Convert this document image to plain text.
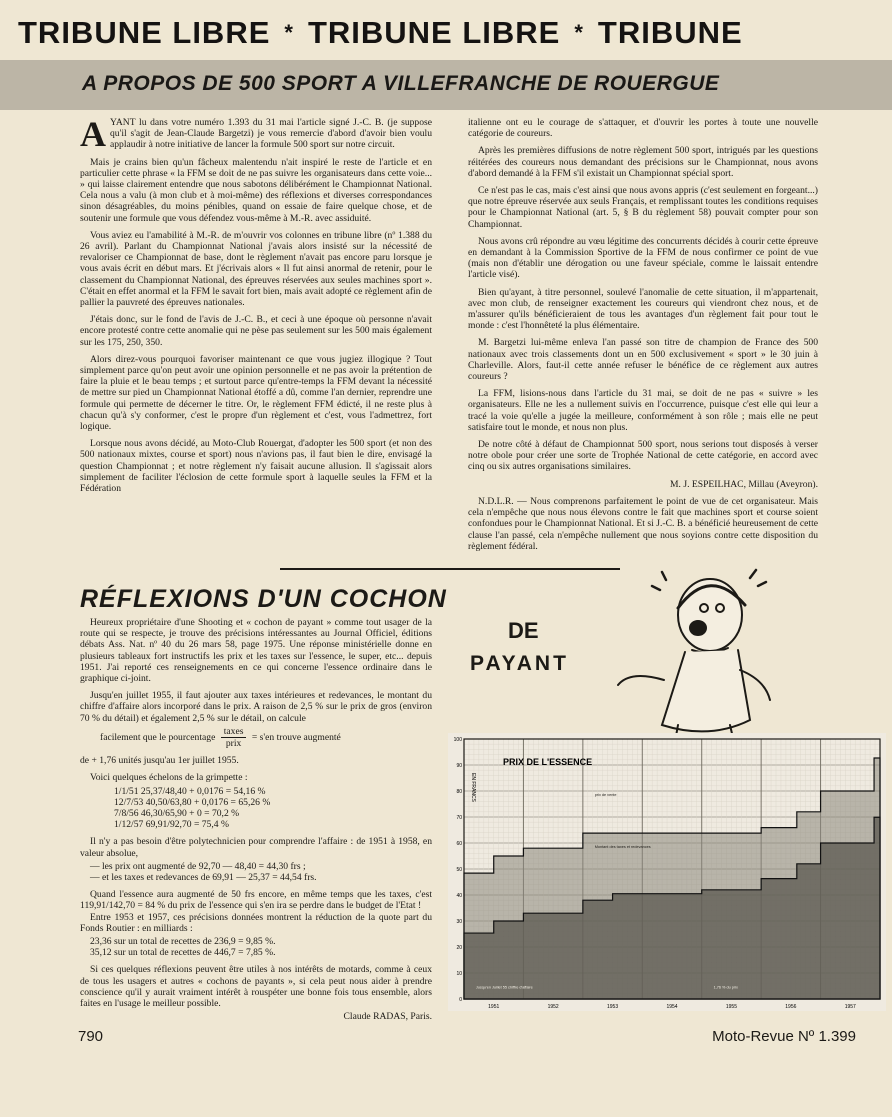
TRIBUNE LIBRE * TRIBUNE LIBRE * TRIBUNE
A PROPOS DE 500 SPORT A VILLEFRANCHE DE ROUERGUE

AYANT lu dans votre numéro 1.393 du 31 mai l'article signé J.-C. B. (je suppose qu'il s'agit de Jean-Claude Bargetzi) je vous remercie d'abord d'avoir bien voulu applaudir à notre initiative de lancer la formule 500 sport sur notre circuit.

Mais je crains bien qu'un fâcheux malentendu n'ait inspiré le reste de l'article et en particulier cette phrase « la FFM se doit de ne pas suivre les organisateurs dans cette voie... » qui laisse clairement entendre que nous sabotons délibérément le Championnat National. Cela nous a valu (à mon club et à moi-même) des réflexions et diverses correspondances sinon désagréables, du moins pénibles, quand on essaie de faire quelque chose, et de soutenir une formule que vous défendez vous-même à M.-R. avec assiduité.

Vous aviez eu l'amabilité à M.-R. de m'ouvrir vos colonnes en tribune libre (nº 1.388 du 26 avril). Parlant du Championnat National j'avais alors insisté sur la nécessité de revaloriser ce Championnat de base, dont le règlement n'avait pas encore paru lorsque je vous avais écrit en début mars. Et j'écrivais alors « Il fut ainsi anormal de retenir, pour le classement du Championnat National, des épreuves réservées aux seules machines sport ». C'était en effet anormal et la FFM le savait fort bien, mais avait adopté ce règlement afin de pallier la pauvreté des épreuves nationales.

J'étais donc, sur le fond de l'avis de J.-C. B., et ceci à une époque où personne n'avait encore protesté contre cette anomalie qui ne pèse pas seulement sur les 500 mais également sur les 175, 250, 350.

Alors direz-vous pourquoi favoriser maintenant ce que vous jugiez illogique ? Tout simplement parce qu'on peut avoir une opinion personnelle et ne pas avoir la prétention de faire la pluie et le beau temps ; et surtout parce qu'entre-temps la FFM devant la nécessité de mettre sur pied un Championnat National étoffé a dû, comme l'an dernier, reprendre une formule qui permette de décerner le titre. Or, le règlement FFM édicté, il ne reste plus à chacun qu'à s'y conformer, c'est le propre d'un règlement et c'est, vous l'admettrez, fort logique.

Lorsque nous avons décidé, au Moto-Club Rouergat, d'adopter les 500 sport (et non des 500 nationaux mixtes, course et sport) nous n'avions pas, il faut bien le dire, envisagé la question Championnat ; et notre règlement n'y faisait aucune allusion. Il s'agissait alors simplement de faciliter l'éclosion de cette formule sport à laquelle seules la FFM et la Fédération

italienne ont eu le courage de s'attaquer, et d'ouvrir les portes à toute une nouvelle catégorie de coureurs.

Après les premières diffusions de notre règlement 500 sport, intrigués par les questions réitérées des coureurs nous demandant des précisions sur le Championnat, nous avons d'abord demandé à la FFM s'il existait un Championnat spécial sport.

Ce n'est pas le cas, mais c'est ainsi que nous avons appris (c'est seulement en forgeant...) que notre épreuve réservée aux seuls Français, et remplissant toutes les conditions requises pour le Championnat National (art. 5, § B du règlement 58) pouvait compter pour son Championnat.

Nous avons crû répondre au vœu légitime des concurrents décidés à courir cette épreuve en demandant à la Commission Sportive de la FFM de nous confirmer ce point de vue (mais non d'établir une dérogation ou une faveur spéciale, comme le laissait entendre l'article visé).

Bien qu'ayant, à titre personnel, soulevé l'anomalie de cette situation, il m'appartenait, avec mon club, de renseigner exactement les coureurs qui viendront chez nous, et de m'assurer qu'ils bénéficieraient de tous les avantages d'un règlement fait pour tout le monde : c'est l'honnêteté la plus élémentaire.

M. Bargetzi lui-même enleva l'an passé son titre de champion de France des 500 nationaux avec trois classements dont un en 500 exclusivement « sport » le 30 juin à Charleville. Alors, faut-il cette année refuser le bénéfice de ce règlement aux autres coureurs ?

La FFM, lisions-nous dans l'article du 31 mai, se doit de ne pas « suivre » les organisateurs. Elle ne les a nullement suivis en l'occurrence, puisque c'est elle qui leur a tracé la voie qu'elle a jugée la meilleure, conformément à son rôle ; mais elle ne peut satisfaire tout le monde, et nous non plus.

De notre côté à défaut de Championnat 500 sport, nous serions tout disposés à verser notre obole pour créer une sorte de Trophée National de cette catégorie, en accord avec cinq ou six autres organisations similaires.

M. J. ESPEILHAC, Millau (Aveyron).

N.D.L.R. — Nous comprenons parfaitement le point de vue de cet organisateur. Mais cela n'empêche que nous nous élevons contre le fait que machines sport et course soient confondues pour le Championnat National. Et si J.-C. B. a bénéficié heureusement de cette clause l'an passé, cela n'empêche nullement que nous soyions contre cette disposition du règlement fédéral.

RÉFLEXIONS D'UN COCHON
DE
PAYANT

Heureux propriétaire d'une Shooting et « cochon de payant » comme tout usager de la route qui se respecte, je trouve des précisions intéressantes au Journal Officiel, éditions débats Ass. Nat. nº 40 du 26 mars 58, page 1975. Une réponse ministérielle donne en plusieurs tableaux fort instructifs les prix et les taxes sur l'essence, le super, etc... depuis 1951. J'ai reporté ces renseignements en ce qui concerne l'essence ordinaire dans le graphique ci-joint.

Jusqu'en juillet 1955, il faut ajouter aux taxes intérieures et redevances, le montant du chiffre d'affaire alors incorporé dans le prix. A raison de 2,5 % sur le prix de gros (environ 70 % du détail) et également 2,5 % sur le détail, on calcule

facilement que le pourcentage $\frac{\text{taxes}}{\text{prix}} = s'en$ trouve augmenté

de + 1,76 unités jusqu'au 1er juillet 1955.

Voici quelques échelons de la grimpette :

1/1/51 25,37/48,40 + 0,0176 = 54,16 %
12/7/53 40,50/63,80 + 0,0176 = 65,26 %
7/8/56 46,30/65,90 + 0 = 70,2 %
1/12/57 69,91/92,70 = 75,4 %

Il n'y a pas besoin d'être polytechnicien pour comprendre l'affaire : de 1951 à 1958, en valeur absolue,

— les prix ont augmenté de 92,70 — 48,40 = 44,30 frs ;

— et les taxes et redevances de 69,91 — 25,37 = 44,54 frs.

Quand l'essence aura augmenté de 50 frs encore, en même temps que les taxes, c'est 119,91/142,70 = 84 % du prix de l'essence qui s'en ira se perdre dans le budget de l'Etat !

Entre 1953 et 1957, ces précisions données montrent la réduction de la quote part du Fonds Routier : en milliards :

23,36 sur un total de recettes de 236,9 = 9,85 %.

35,12 sur un total de recettes de 446,7 = 7,85 %.

Si ces quelques réflexions peuvent être utiles à nos intérêts de motards, comme à ceux de tous les usagers et autres « cochons de payants », si cela peut nous aider à prendre conscience qu'il y aurait vraiment intérêt à rouspéter une bonne fois tous ensemble, alors faites en l'usage le meilleur possible.

Claude RADAS, Paris.

0
10
20
30
40
50
60
70
80
90
100
1951	1952	1953	1954	1955	1956	1957
PRIX DE L'ESSENCE
EN FRANCS	prix de vente
Montant des taxes et redevances
Jusqu'en Juillet 55 chiffre d'affaire	1,76 % du prix
790	Moto-Revue Nº 1.399
